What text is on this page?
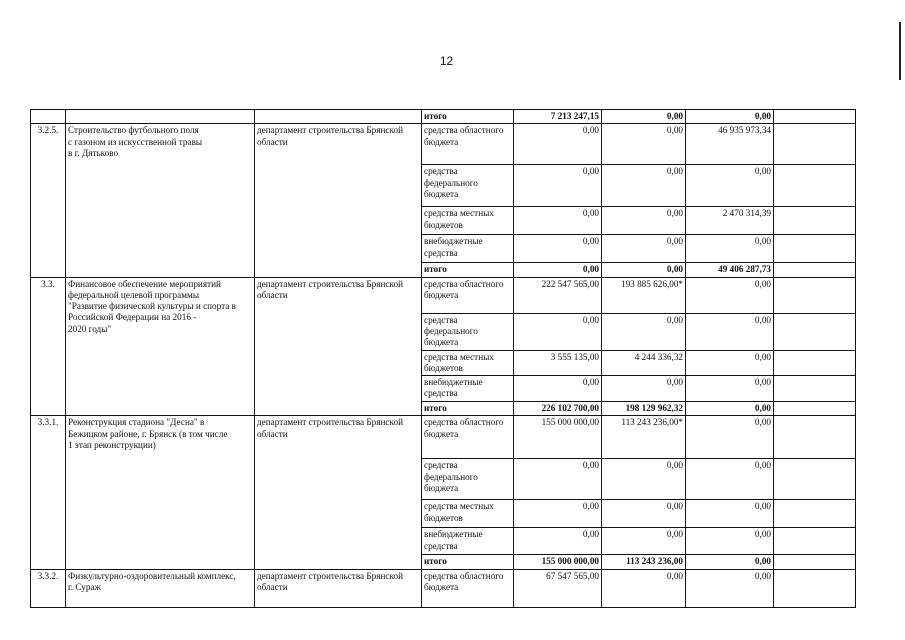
12
			итого	7 213 247,15	0,00	0,00	
3.2.5.	Строительство футбольного поля
с газоном из искусственной травы
в г. Дятьково	департамент строительства Брянской
области	средства областного
бюджета	0,00	0,00	46 935 973,34	
			средства
федерального
бюджета	0,00	0,00	0,00	
			средства местных
бюджетов	0,00	0,00	2 470 314,39	
			внебюджетные
средства	0,00	0,00	0,00	
			итого	0,00	0,00	49 406 287,73	
3.3.	Финансовое обеспечение мероприятий
федеральной целевой программы
"Развитие физической культуры и спорта в
Российской Федерации на 2016 -
2020 годы"	департамент строительства Брянской
области	средства областного
бюджета	222 547 565,00	193 885 626,00*	0,00	
			средства
федерального
бюджета	0,00	0,00	0,00	
			средства местных
бюджетов	3 555 135,00	4 244 336,32	0,00	
			внебюджетные
средства	0,00	0,00	0,00	
			итого	226 102 700,00	198 129 962,32	0,00	
3.3.1.	Реконструкция стадиона "Десна" в
Бежицком районе, г. Брянск (в том числе
1 этап реконструкции)	департамент строительства Брянской
области	средства областного
бюджета	155 000 000,00	113 243 236,00*	0,00	
			средства
федерального
бюджета	0,00	0,00	0,00	
			средства местных
бюджетов	0,00	0,00	0,00	
			внебюджетные
средства	0,00	0,00	0,00	
			итого	155 000 000,00	113 243 236,00	0,00	
3.3.2.	Физкультурно-оздоровительный комплекс,
г. Сураж	департамент строительства Брянской
области	средства областного
бюджета	67 547 565,00	0,00	0,00	
